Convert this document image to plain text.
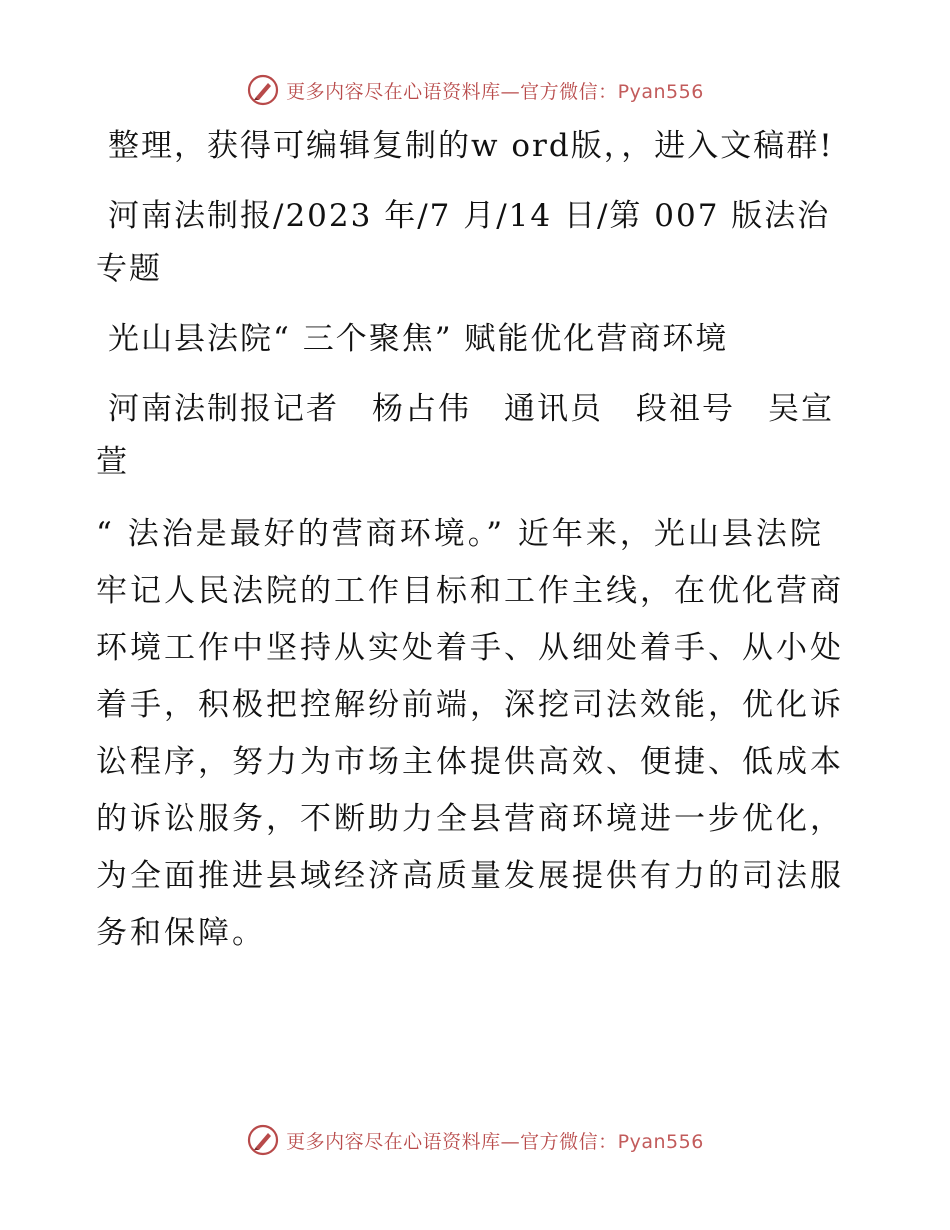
更多内容尽在心语资料库—官方微信：Pyan556

整理，获得可编辑复制的w ord版，，进入文稿群!

河南法制报/2023 年/7 月/14 日/第 007 版法治专题

光山县法院“ 三个聚焦” 赋能优化营商环境

河南法制报记者　杨占伟　通讯员　段祖号　吴宣萱

“ 法治是最好的营商环境。” 近年来，光山县法院牢记人民法院的工作目标和工作主线，在优化营商环境工作中坚持从实处着手、从细处着手、从小处着手，积极把控解纷前端，深挖司法效能，优化诉讼程序，努力为市场主体提供高效、便捷、低成本的诉讼服务，不断助力全县营商环境进一步优化，为全面推进县域经济高质量发展提供有力的司法服务和保障。

更多内容尽在心语资料库—官方微信：Pyan556
